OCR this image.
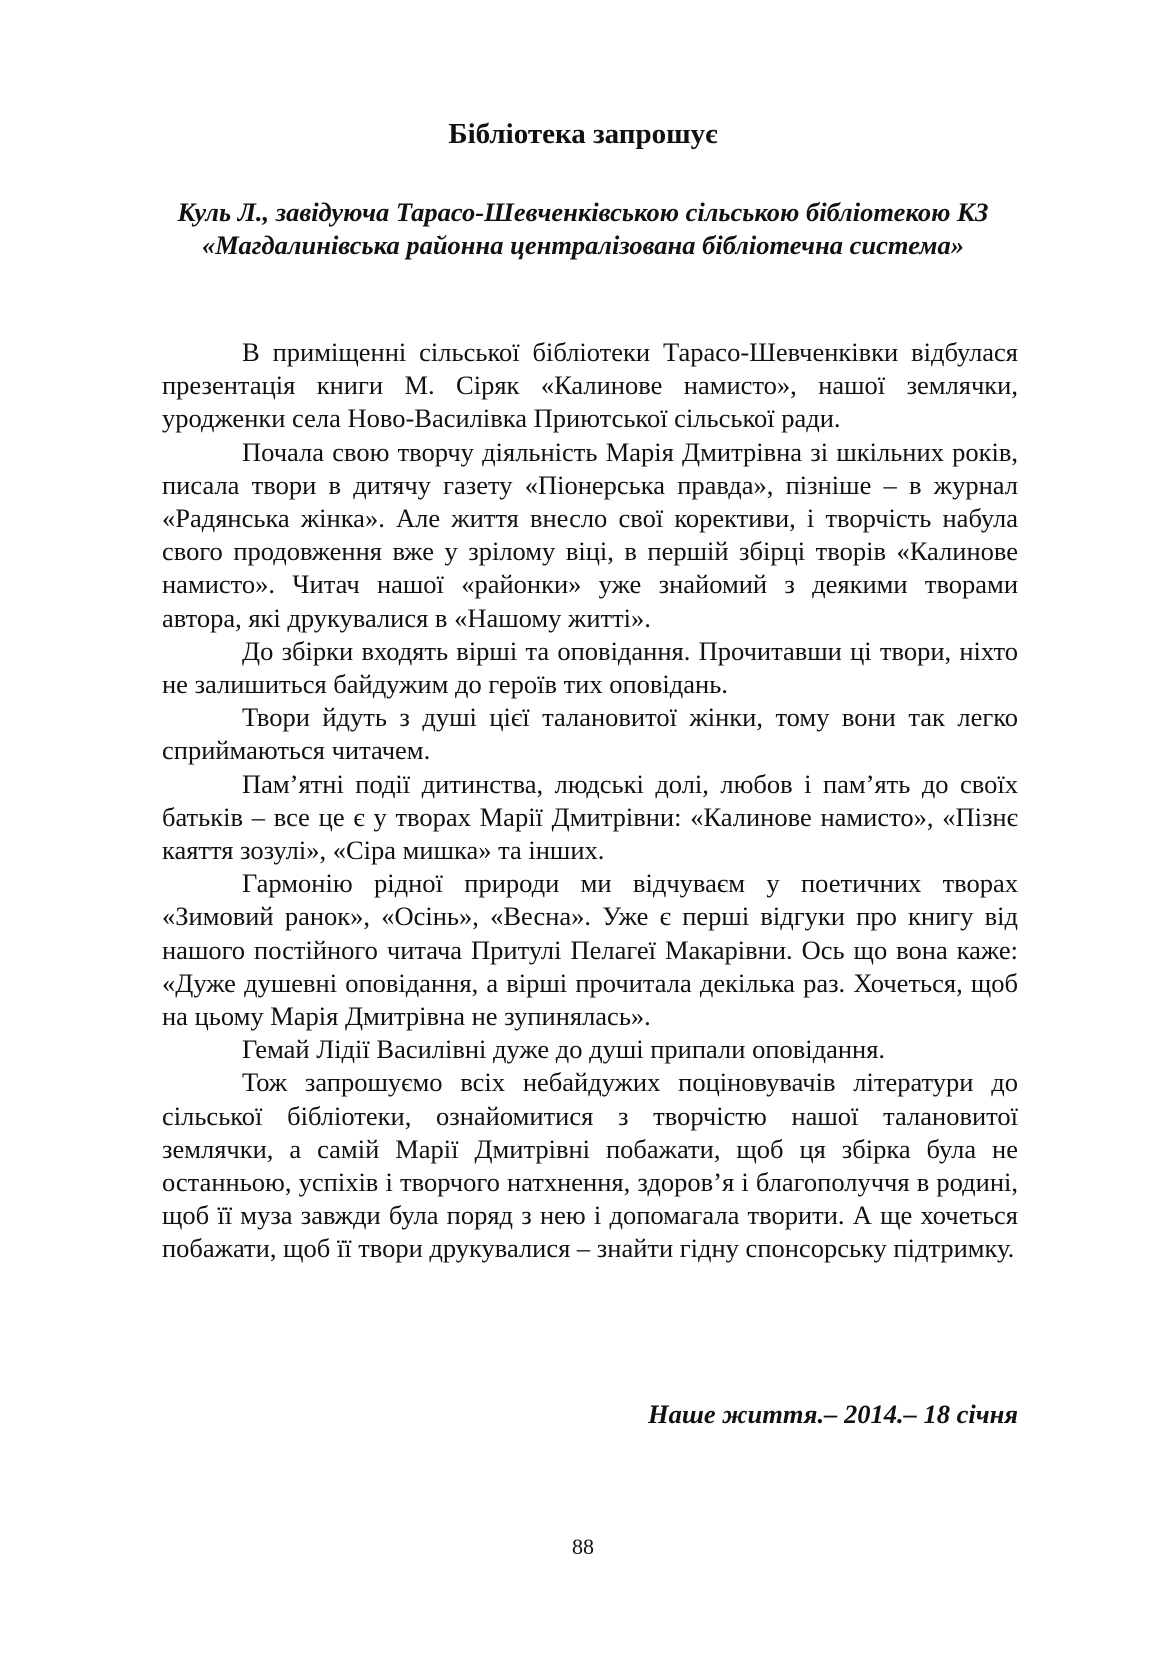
Бібліотека запрошує

Куль Л., завідуюча Тарасо-Шевченківською сільською бібліотекою КЗ «Магдалинівська районна централізована бібліотечна система»

В приміщенні сільської бібліотеки Тарасо-Шевченківки відбулася презентація книги М. Сіряк «Калинове намисто», нашої землячки, уродженки села Ново-Василівка Приютської сільської ради.

Почала свою творчу діяльність Марія Дмитрівна зі шкільних років, писала твори в дитячу газету «Піонерська правда», пізніше – в журнал «Радянська жінка». Але життя внесло свої корективи, і творчість набула свого продовження вже у зрілому віці, в першій збірці творів «Калинове намисто». Читач нашої «районки» уже знайомий з деякими творами автора, які друкувалися в «Нашому житті».

До збірки входять вірші та оповідання. Прочитавши ці твори, ніхто не залишиться байдужим до героїв тих оповідань.

Твори йдуть з душі цієї талановитої жінки, тому вони так легко сприймаються читачем.

Пам’ятні події дитинства, людські долі, любов і пам’ять до своїх батьків – все це є у творах Марії Дмитрівни: «Калинове намисто», «Пізнє каяття зозулі», «Сіра мишка» та інших.

Гармонію рідної природи ми відчуваєм у поетичних творах «Зимовий ранок», «Осінь», «Весна». Уже є перші відгуки про книгу від нашого постійного читача Притулі Пелагеї Макарівни. Ось що вона каже: «Дуже душевні оповідання, а вірші прочитала декілька раз. Хочеться, щоб на цьому Марія Дмитрівна не зупинялась».

Гемай Лідії Василівні дуже до душі припали оповідання.

Тож запрошуємо всіх небайдужих поціновувачів літератури до сільської бібліотеки, ознайомитися з творчістю нашої талановитої землячки, а самій Марії Дмитрівні побажати, щоб ця збірка була не останньою, успіхів і творчого натхнення, здоров’я і благополуччя в родині, щоб її муза завжди була поряд з нею і допомагала творити. А ще хочеться побажати, щоб її твори друкувалися – знайти гідну спонсорську підтримку.

Наше життя.– 2014.– 18 січня

88
